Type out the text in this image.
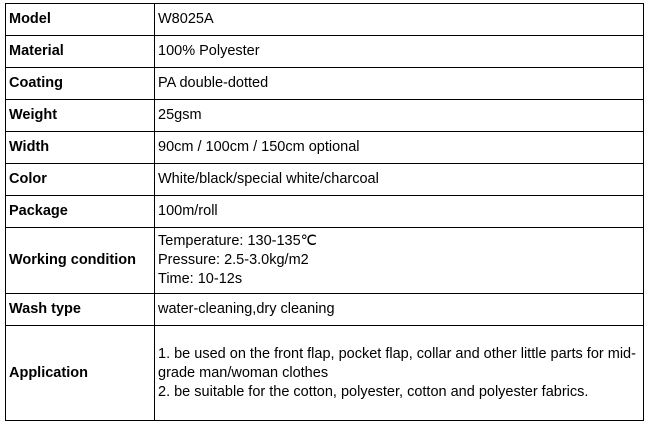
Model	W8025A

Material	100% Polyester

Coating	PA double-dotted

Weight	25gsm

Width	90cm / 100cm / 150cm optional

Color	White/black/special white/charcoal

Package	100m/roll

Working condition	Temperature: 130-135℃
Pressure: 2.5-3.0kg/m2
Time: 10-12s

Wash type	water-cleaning,dry cleaning

Application	1. be used on the front flap, pocket flap, collar and other little parts for mid-grade man/woman clothes
2. be suitable for the cotton, polyester, cotton and polyester fabrics.
